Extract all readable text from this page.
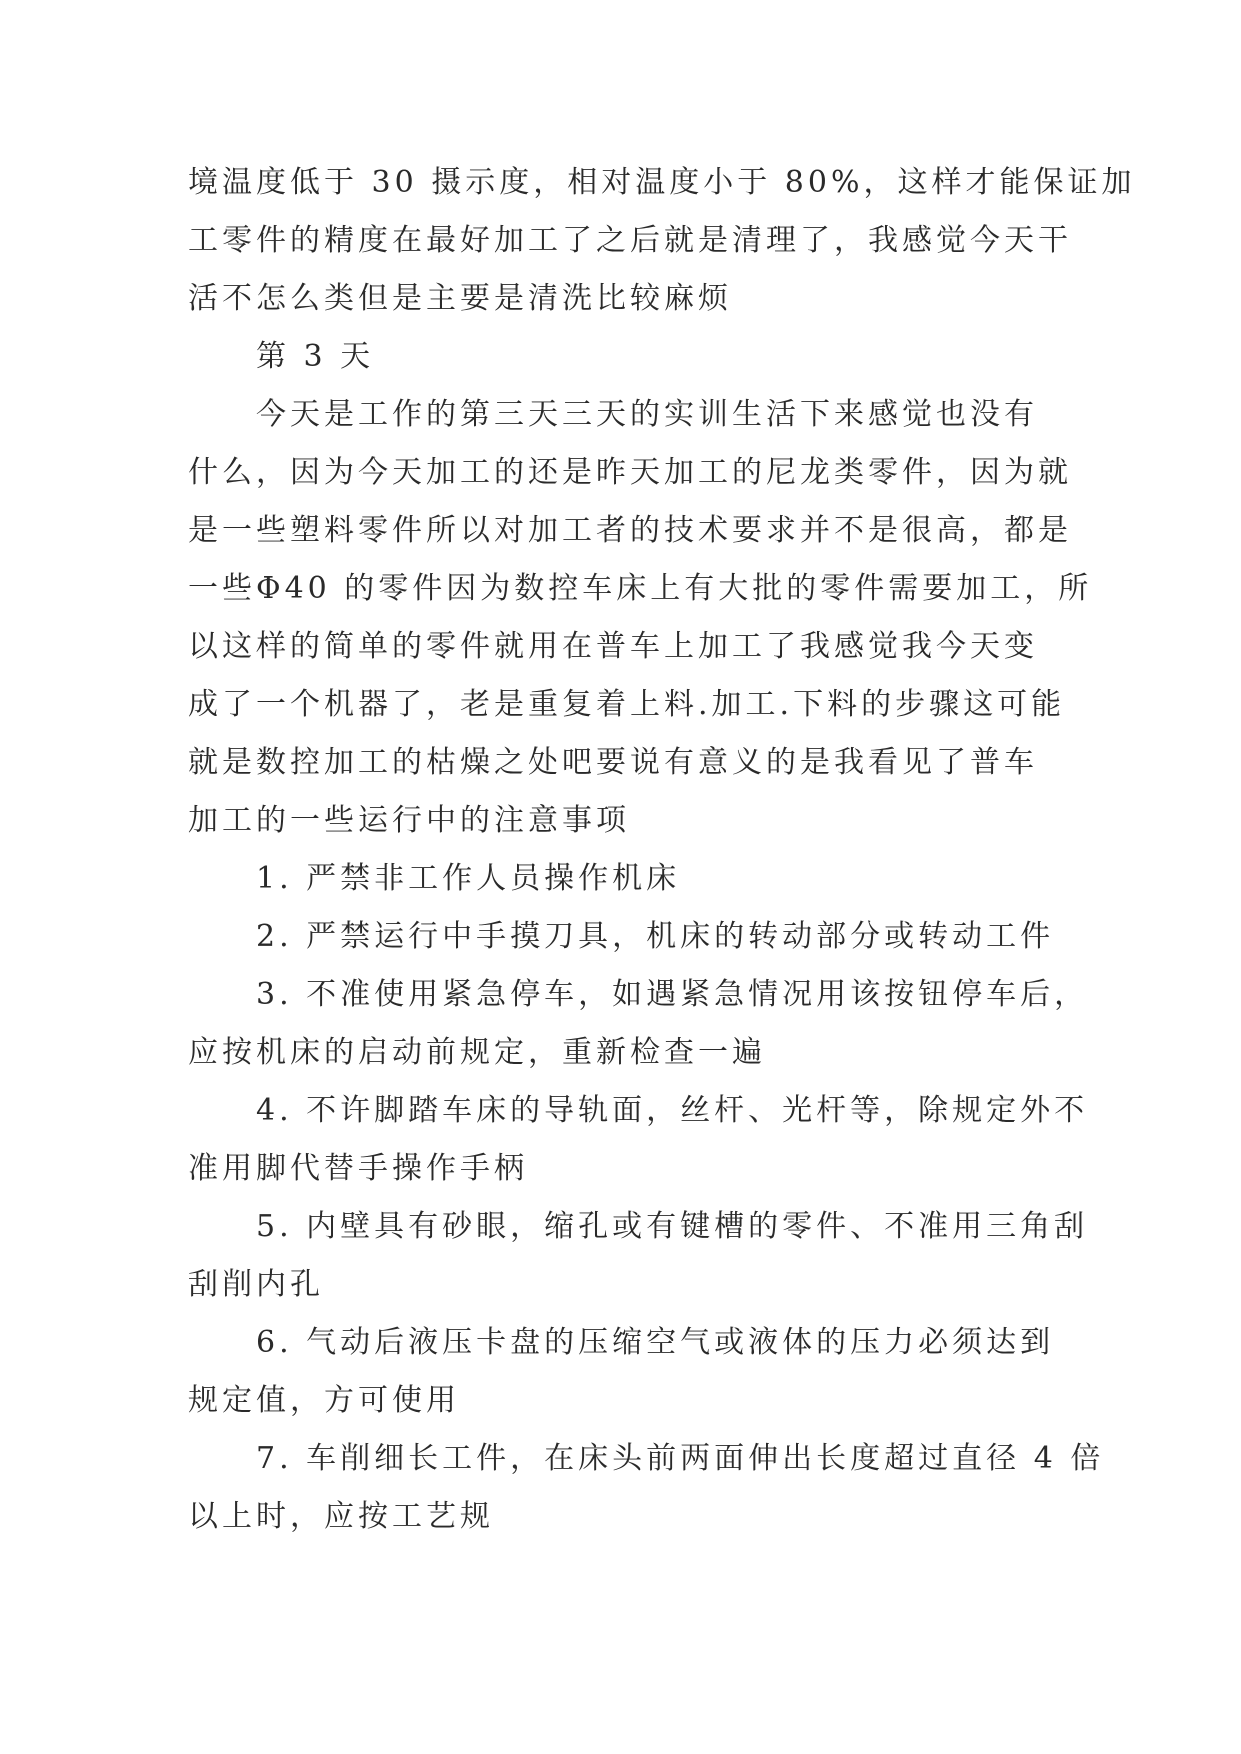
境温度低于 30 摄示度，相对温度小于 80%，这样才能保证加
工零件的精度在最好加工了之后就是清理了，我感觉今天干
活不怎么类但是主要是清洗比较麻烦
第 3 天
今天是工作的第三天三天的实训生活下来感觉也没有
什么，因为今天加工的还是昨天加工的尼龙类零件，因为就
是一些塑料零件所以对加工者的技术要求并不是很高，都是
一些Φ40 的零件因为数控车床上有大批的零件需要加工，所
以这样的简单的零件就用在普车上加工了我感觉我今天变
成了一个机器了，老是重复着上料.加工.下料的步骤这可能
就是数控加工的枯燥之处吧要说有意义的是我看见了普车
加工的一些运行中的注意事项
1. 严禁非工作人员操作机床
2. 严禁运行中手摸刀具，机床的转动部分或转动工件
3. 不准使用紧急停车，如遇紧急情况用该按钮停车后，
应按机床的启动前规定，重新检查一遍
4. 不许脚踏车床的导轨面，丝杆、光杆等，除规定外不
准用脚代替手操作手柄
5. 内壁具有砂眼，缩孔或有键槽的零件、不准用三角刮
刮削内孔
6. 气动后液压卡盘的压缩空气或液体的压力必须达到
规定值，方可使用
7. 车削细长工件，在床头前两面伸出长度超过直径 4 倍
以上时，应按工艺规
